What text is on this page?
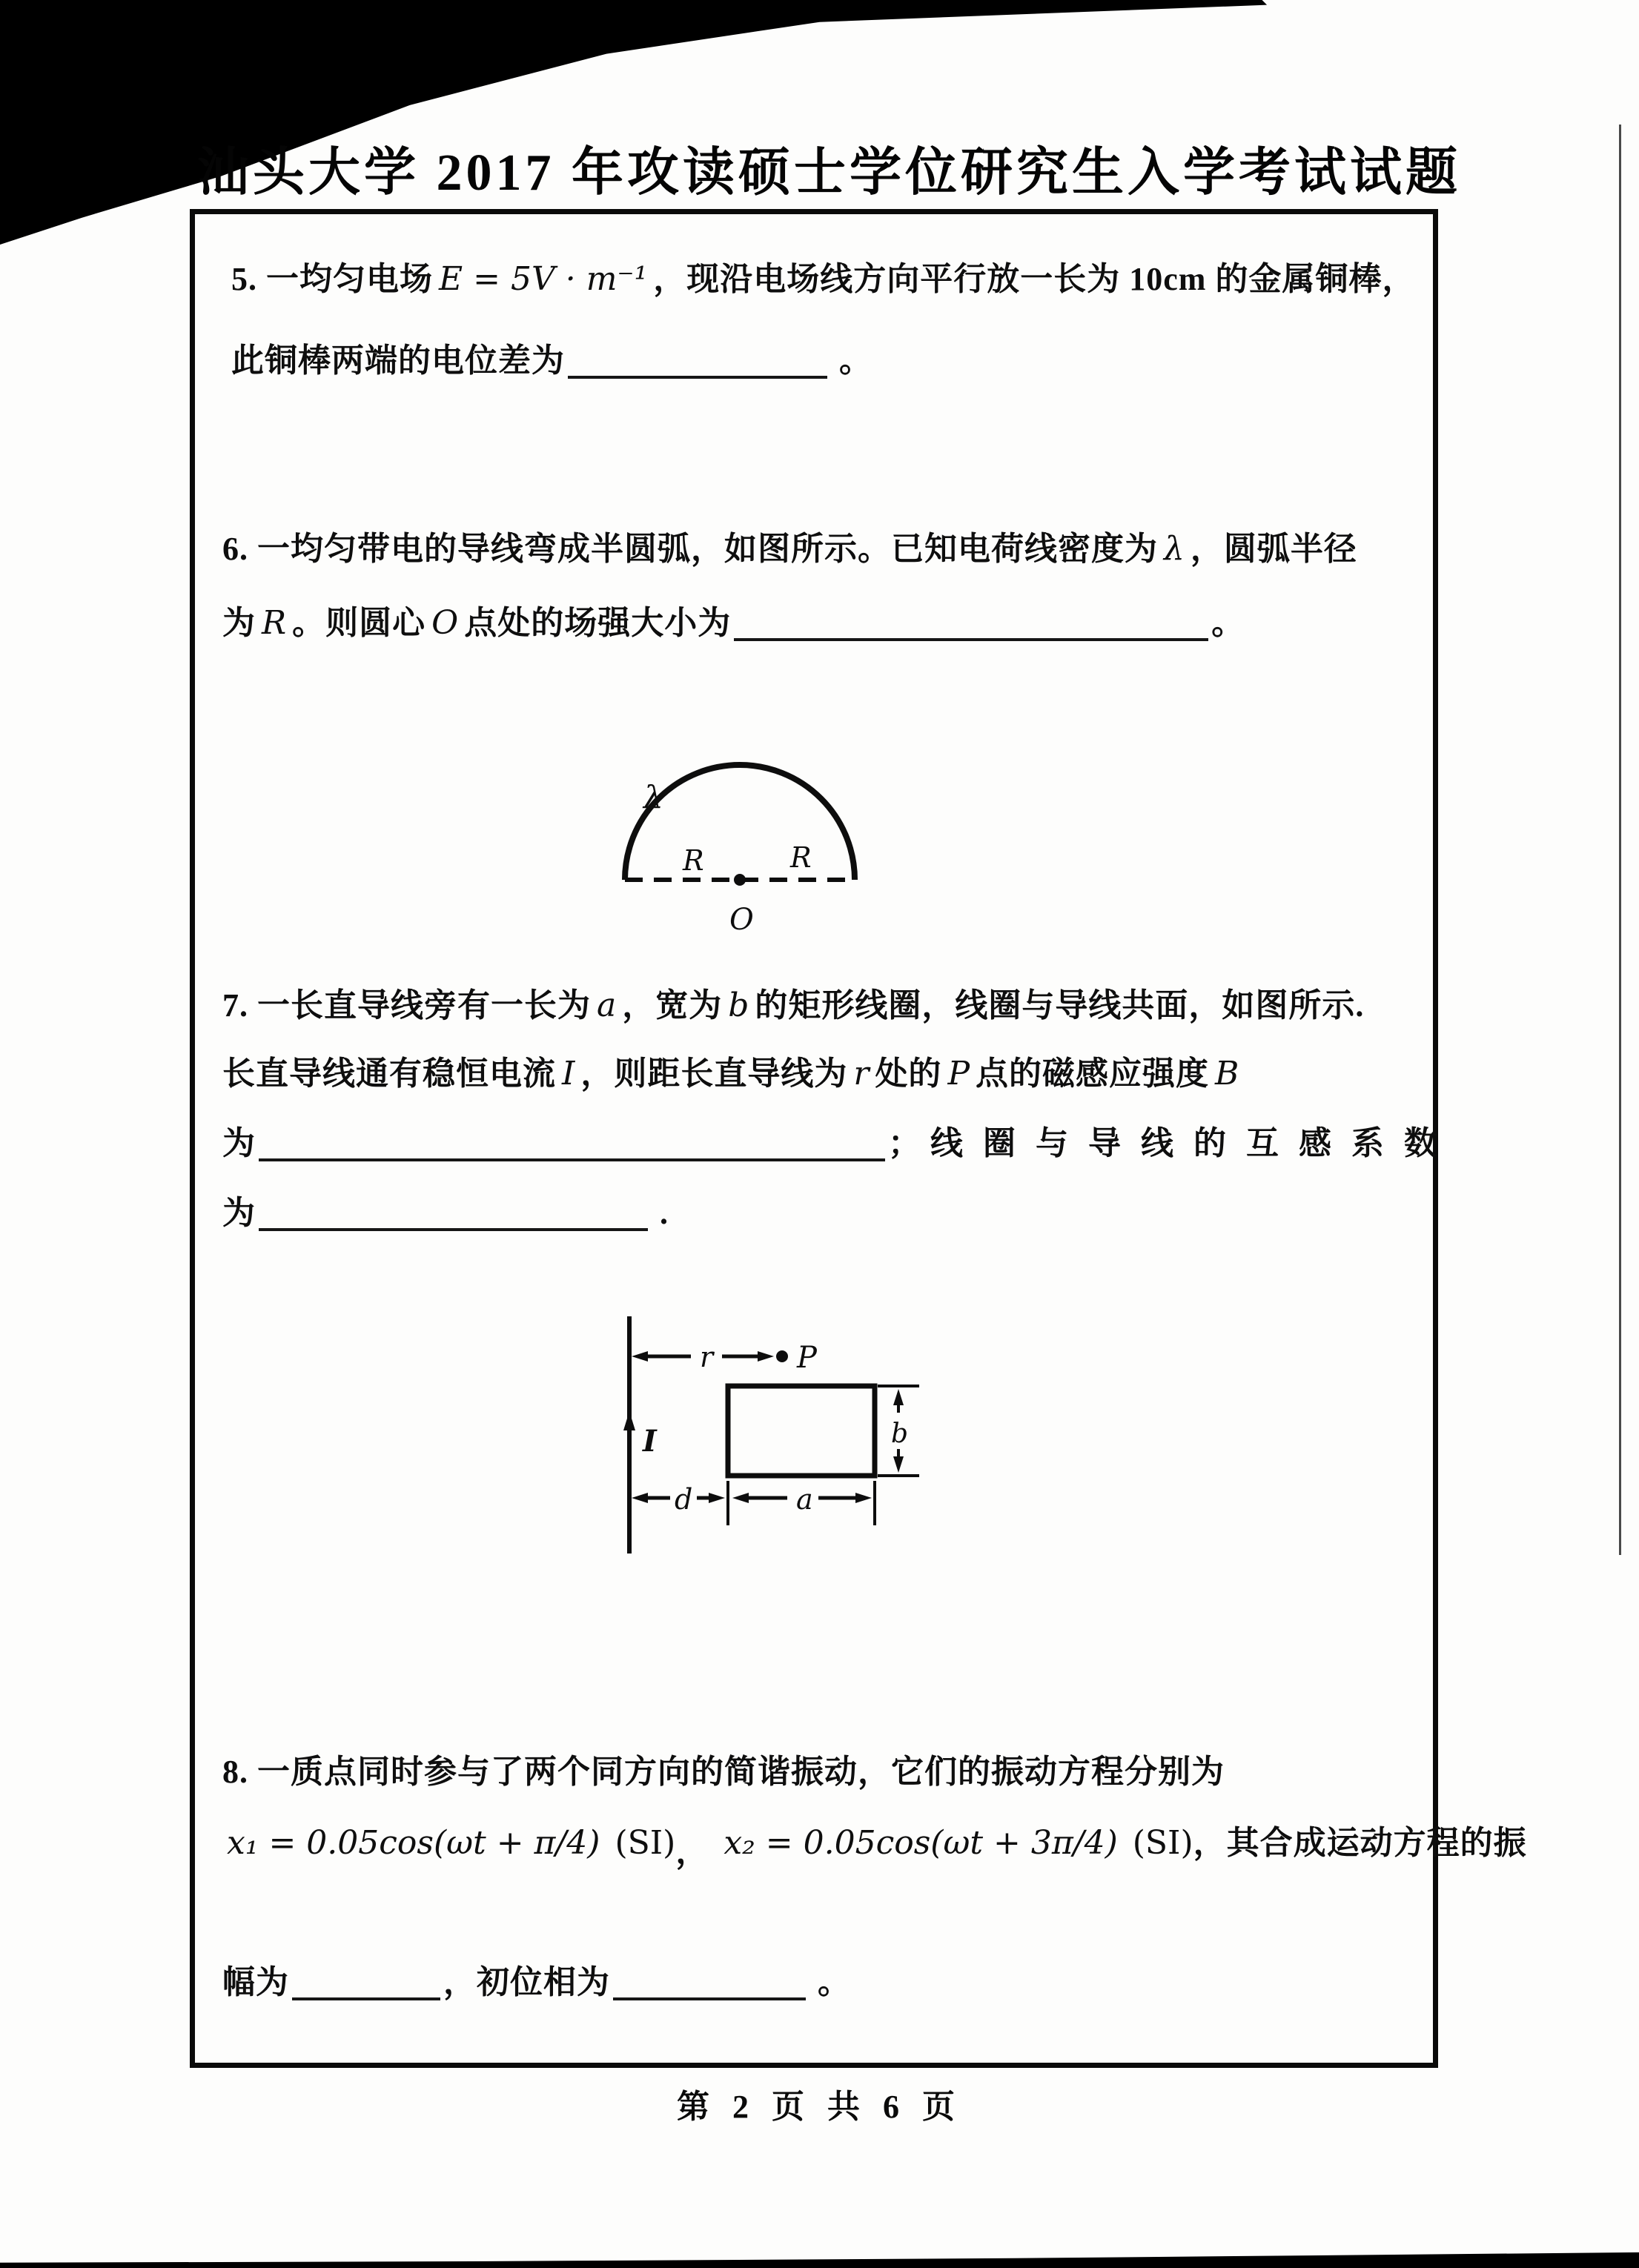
汕头大学 2017 年攻读硕士学位研究生入学考试试题
5. 一均匀电场 E = 5V · m⁻¹ ，现沿电场线方向平行放一长为 10cm 的金属铜棒，
此铜棒两端的电位差为	。
6. 一均匀带电的导线弯成半圆弧，如图所示。已知电荷线密度为 λ ，圆弧半径
为 R 。则圆心 O 点处的场强大小为	。
λ
R	R
O
7. 一长直导线旁有一长为 a ，宽为 b 的矩形线圈，线圈与导线共面，如图所示.
长直导线通有稳恒电流 I ，则距长直导线为 r 处的 P 点的磁感应强度 B
为	； 线圈与导线的互感系数
为	.
I
r	P
b
d	a
8. 一质点同时参与了两个同方向的简谐振动，它们的振动方程分别为
x₁ = 0.05cos(ωt + π/4) (SI)， x₂ = 0.05cos(ωt + 3π/4) (SI)，其合成运动方程的振
幅为	，初位相为	。
第 2 页 共 6 页
